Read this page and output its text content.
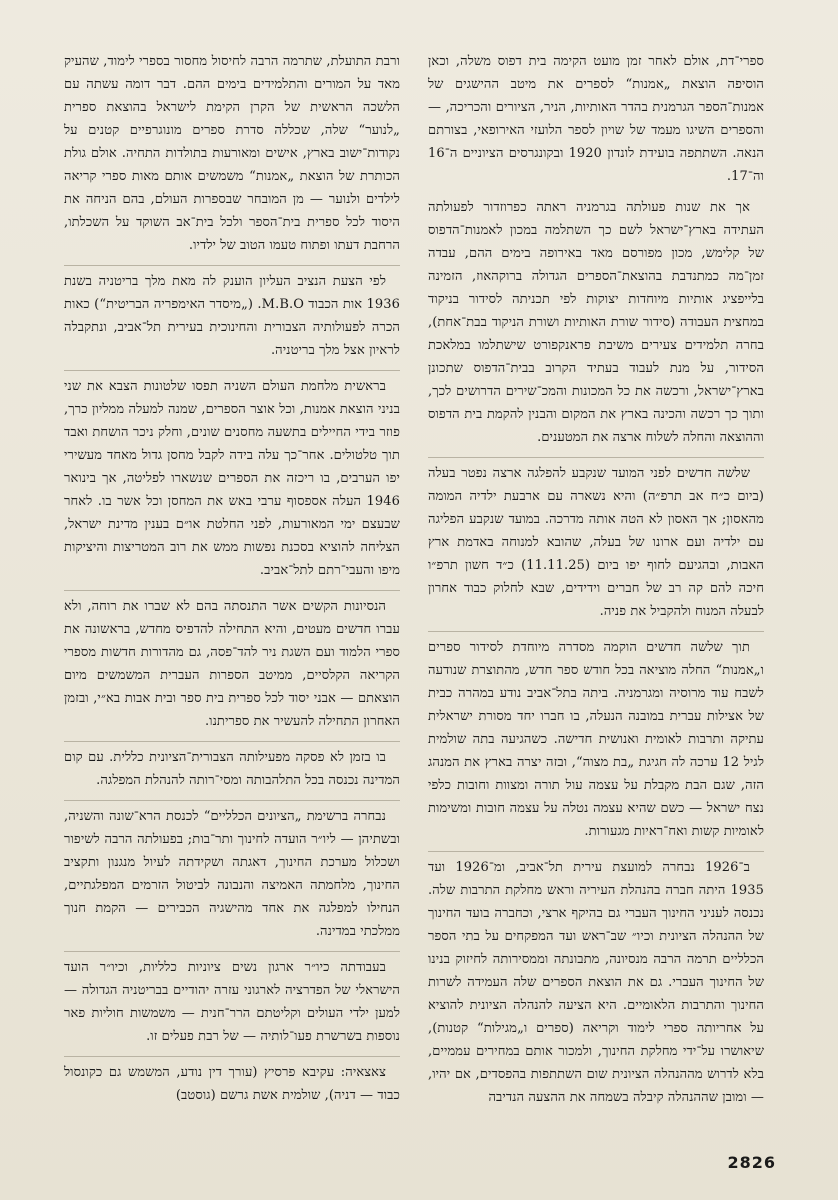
ספרי־דת, אולם לאחר זמן מועט הקימה בית דפוס משלה, וכאן הוסיפה הוצאת „אמנות“ לספרים את מיטב ההישגים של אמנות־הספר הגרמנית בהדר האותיות, הניר, הציורים והכריכה, — והספרים השיגו מעמד של שויון לספר הלועזי האירופאי, בצורתם הנאה. השתתפה בועידת לונדון 1920 ובקונגרסים הציוניים ה־16 וה־17.

אך את שנות פעולתה בגרמניה ראתה כפרוזדור לפעולתה העתידה בארץ־ישראל לשם כך השתלמה במכון לאמנות־הדפוס של קלימש, מכון מפורסם מאד באירופה בימים ההם, עבדה זמן־מה כמתנדבת בהוצאת־הספרים הגדולה ברוקהאוז, הזמינה בלייפציג אותיות מיוחדות יצוקות לפי תכניתה לסידור בניקוד במחצית העבודה (סידור שורת האותיות ושורת הניקוד בבת־אחת), בחרה תלמידים צעירים משיבת פראנקפורט שישתלמו במלאכת הסידור, על מנת לעבוד בעתיד הקרוב בבית־הדפוס שתכונן בארץ־ישראל, ורכשה את כל המכונות והמכ־שירים הדרושים לכך, ותוך כך רכשה והכינה בארץ את המקום והבנין להקמת בית הדפוס וההוצאה והחלה לשלוח ארצה את המטענים.

שלשה חדשים לפני המועד שנקבע להפלגה ארצה נפטר בעלה (ביום כ״ח אב תרפ״ה) והיא נשארה עם ארבעת ילדיה המומה מהאסון; אך האסון לא הטה אותה מדרכה. במועד שנקבע הפליגה עם ילדיה ועם ארונו של בעלה, שהובא למנוחה באדמת ארץ האבות, ובהגיעם לחוף יפו ביום (11.11.25) כ״ד חשון תרפ״ו חיכה להם קה רב של חברים וידידים, שבא לחלוק כבוד אחרון לבעלה המנוח ולהקביל את פניה.

תוך שלשה חדשים הוקמה מסדרה מיוחדת לסידור ספרים ו„אמנות“ החלה מוציאה בכל חודש ספר חדש, מהתוצרת שנודעה לשבח עוד מרוסיה ומגרמניה. ביתה בתל־אביב נודע במהרה כבית של אצילות עברית במובנה הנעלה, בו חברו יחד מסורת ישראלית עתיקה ותרבות לאומית ואנושית חדישה. כשהגיעה בתה שולמית לגיל 12 ערכה לה חגיגת „בת מצוה“, ובזה יצרה בארץ את המנהג הזה, שגם הבת מקבלת על עצמה עול תורה ומצוות וחובות כלפי נצח ישראל — כשם שהיא עצמה נטלה על עצמה חובות ומשימות לאומיות קשות ואח־ראיות מגעורות.

ב־1926 נבחרה למועצת עירית תל־אביב, ומ־1926 ועד 1935 היתה חברה בהנהלת העיריה וראש מחלקת התרבות שלה. נכנסה לעניני החינוך העברי גם בהיקף ארצי, וכחברה בועד החינוך של ההנהלה הציונית וכיו״ שב־ראש ועד המפקחים על בתי הספר הכלליים תרמה הרבה מנסיונה, מתבונתה וממסירותה לחיזוק בנינו של החינוך העברי. גם את הוצאת הספרים שלה העמידה לשרות החינוך והתרבות הלאומיים. היא הציעה להנהלה הציונית להוציא על אחריותה ספרי לימוד וקריאה (ספרים ו„מגילות“ קטנות), שיאושרו על־ידי מחלקת החינוך, ולמכור אותם במחירים עממיים, בלא לדרוש מההנהלה הציונית שום השתתפות בהפסדים, אם יהיו, — ומובן שההנהלה קיבלה בשמחה את ההצעה הנדיבה

ורבת התועלת, שתרמה הרבה לחיסול מחסור בספרי לימוד, שהעיק מאד על המורים והתלמידים בימים ההם. דבר דומה עשתה עם הלשכה הראשית של הקרן הקימת לישראל בהוצאת ספרית „לנוער“ שלה, שכללה סדרת ספרים מונוגרפיים קטנים על נקודות־ישוב בארץ, אישים ומאורעות בתולדות התחיה. אולם גולת הכותרת של הוצאת „אמנות“ משמשים אותם מאות ספרי קריאה לילדים ולנוער — מן המובחר שבספרות העולם, בהם הניחה את היסוד לכל ספרית בית־הספר ולכל בית־אב השוקד על השכלתו, הרחבת דעתו ופתוח טעמו הטוב של ילדיו.

לפי הצעת הנציב העליון הוענק לה מאת מלך בריטניה בשנת 1936 אות הכבוד M.B.O. („מיסדר האימפריה הבריטית“) כאות הכרה לפעולותיה הצבורית והחינוכית בעירית תל־אביב, ונתקבלה לראיון אצל מלך בריטניה.

בראשית מלחמת העולם השניה תפסו שלטונות הצבא את שני בניני הוצאת אמנות, וכל אוצר הספרים, שמנה למעלה ממליון כרך, פוזר בידי החיילים בתשעה מחסנים שונים, וחלק ניכר הושחת ואבד תוך טלטולים. אחר־כך עלה בידה לקבל מחסן גדול מאחד מעשירי יפו הערבים, בו ריכזה את הספרים שנשארו לפליטה, אך בינואר 1946 העלה אספסוף ערבי באש את המחסן וכל אשר בו. לאחר שבעצם ימי המאורעות, לפני החלטת או״ם בענין מדינת ישראל, הצליחה להוציא בסכנת נפשות ממש את רוב המטריצות והיציקות מיפו והעבי־רתם לתל־אביב.

הנסיונות הקשים אשר התנסתה בהם לא שברו את רוחה, ולא עברו חדשים מעטים, והיא התחילה להדפיס מחדש, בראשונה את ספרי הלמוד ועם השגת ניר להד־פסה, גם מהדורות חדשות מספרי הקריאה הקלסיים, ממיטב הספרות העברית המשמשים מיום הוצאתם — אבני יסוד לכל ספרית בית ספר ובית אבות בא״י, ובזמן האחרון התחילה להעשיר את ספריתנו.

בו בזמן לא פסקה מפעילותה הצבורית־הציונית כללית. עם קום המדינה נכנסה בכל התלהבותה ומסי־רותה להנהלת המפלגה.

נבחרה ברשימת „הציונים הכלליים“ לכנסת הרא־שונה והשניה, ובשתיהן — ליו״ר הועדה לחינוך ותר־בות; בפעולתה הרבה לשיפור ושכלול מערכת החינוך, דאגתה ושקידתה לעיול מנגנון ותקציב החינוך, מלחמתה האמיצה והנבונה לביטול הזרמים המפלגתיים, הנחילו למפלגה את אחד מהישגיה הכבירים — הקמת חנוך ממלכתי במדינה.

בעבודתה כיו״ר ארגון נשים ציוניות כלליות, וכיו״ר הועד הישראלי של הפדרציה לארגוני עזרה יהודיים בבריטניה הגדולה — למען ילדי העולים וקליטתם הרר־חנית — משמשות חוליות פאר נוספות בשרשרת פעו־לותיה — של רבת פעלים זו.

צאצאיה: עקיבא פרסיץ (עורך דין נודע, המשמש גם כקונסול כבוד — דניה), שולמית אשת גרשם (גוסטב)

2826
